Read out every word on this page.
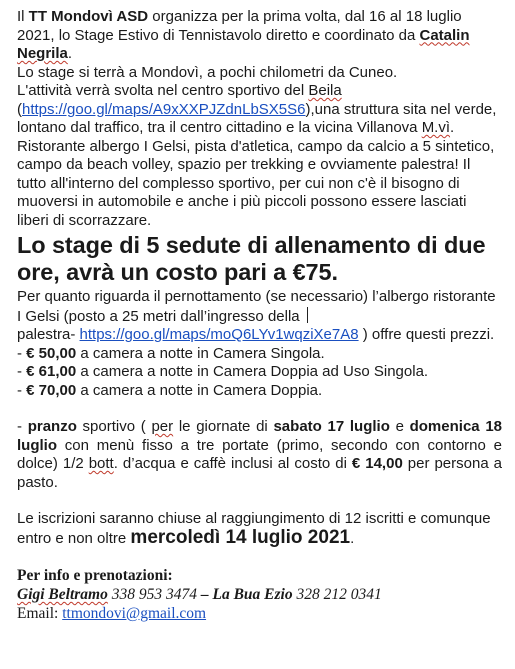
Il TT Mondovì ASD organizza per la prima volta, dal 16 al 18 luglio 2021, lo Stage Estivo di Tennistavolo diretto e coordinato da Catalin Negrila.

Lo stage si terrà a Mondovì, a pochi chilometri da Cuneo.

L'attività verrà svolta nel centro sportivo del Beila (https://goo.gl/maps/A9xXXPJZdnLbSX5S6),una struttura sita nel verde, lontano dal traffico, tra il centro cittadino e la vicina Villanova M.vì. Ristorante albergo I Gelsi, pista d'atletica, campo da calcio a 5 sintetico, campo da beach volley, spazio per trekking e ovviamente palestra! Il tutto all'interno del complesso sportivo, per cui non c'è il bisogno di muoversi in automobile e anche i più piccoli possono essere lasciati liberi di scorrazzare.

Lo stage di 5 sedute di allenamento di due ore, avrà un costo pari a €75.

Per quanto riguarda il pernottamento (se necessario) l’albergo ristorante I Gelsi (posto a 25 metri dall’ingresso della
palestra- https://goo.gl/maps/moQ6LYv1wqziXe7A8 ) offre questi prezzi.

- € 50,00 a camera a notte in Camera Singola.

- € 61,00 a camera a notte in Camera Doppia ad Uso Singola.

- € 70,00 a camera a notte in Camera Doppia.

- pranzo sportivo ( per le giornate di sabato 17 luglio e domenica 18 luglio con menù fisso a tre portate (primo, secondo con contorno e dolce) 1/2 bott. d’acqua e caffè inclusi al costo di € 14,00 per persona a pasto.

Le iscrizioni saranno chiuse al raggiungimento di 12 iscritti e comunque entro e non oltre mercoledì 14 luglio 2021.

Per info e prenotazioni:

Gigi Beltramo 338 953 3474 – La Bua Ezio 328 212 0341

Email: ttmondovi@gmail.com
